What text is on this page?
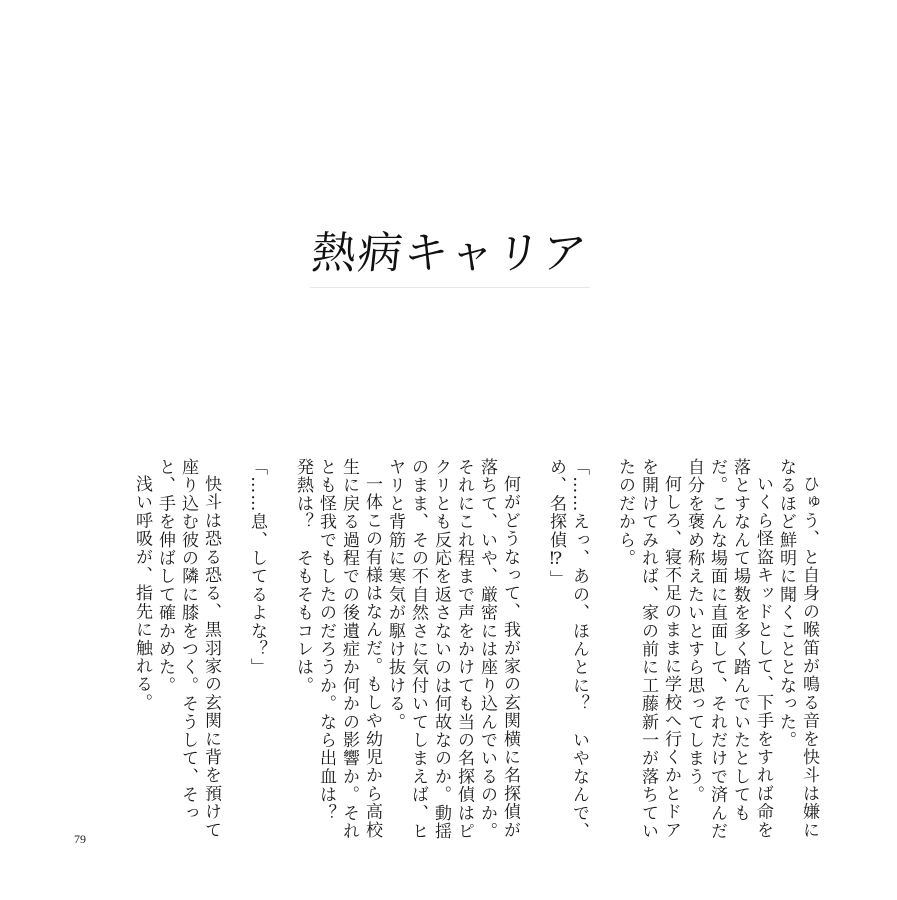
熱病キャリア

ひゅう、と自身の喉笛が鳴る音を快斗は嫌になるほど鮮明に聞くこととなった。

いくら怪盗キッドとして、下手をすれば命を落とすなんて場数を多く踏んでいたとしてもだ。こんな場面に直面して、それだけで済んだ自分を褒め称えたいとすら思ってしまう。

何しろ、寝不足のままに学校へ行くかとドアを開けてみれば、家の前に工藤新一が落ちていたのだから。

「……えっ、あの、ほんとに？　いやなんで、め、名探偵⁉」

何がどうなって、我が家の玄関横に名探偵が落ちて、いや、厳密には座り込んでいるのか。それにこれ程まで声をかけても当の名探偵はピクリとも反応を返さないのは何故なのか。動揺のまま、その不自然さに気付いてしまえば、ヒヤリと背筋に寒気が駆け抜ける。

一体この有様はなんだ。もしや幼児から高校生に戻る過程での後遺症か何かの影響か。それとも怪我でもしたのだろうか。なら出血は？　発熱は？　そもそもコレは。

「……息、してるよな？」

快斗は恐る恐る、黒羽家の玄関に背を預けて座り込む彼の隣に膝をつく。そうして、そっと、手を伸ばして確かめた。

浅い呼吸が、指先に触れる。

79
